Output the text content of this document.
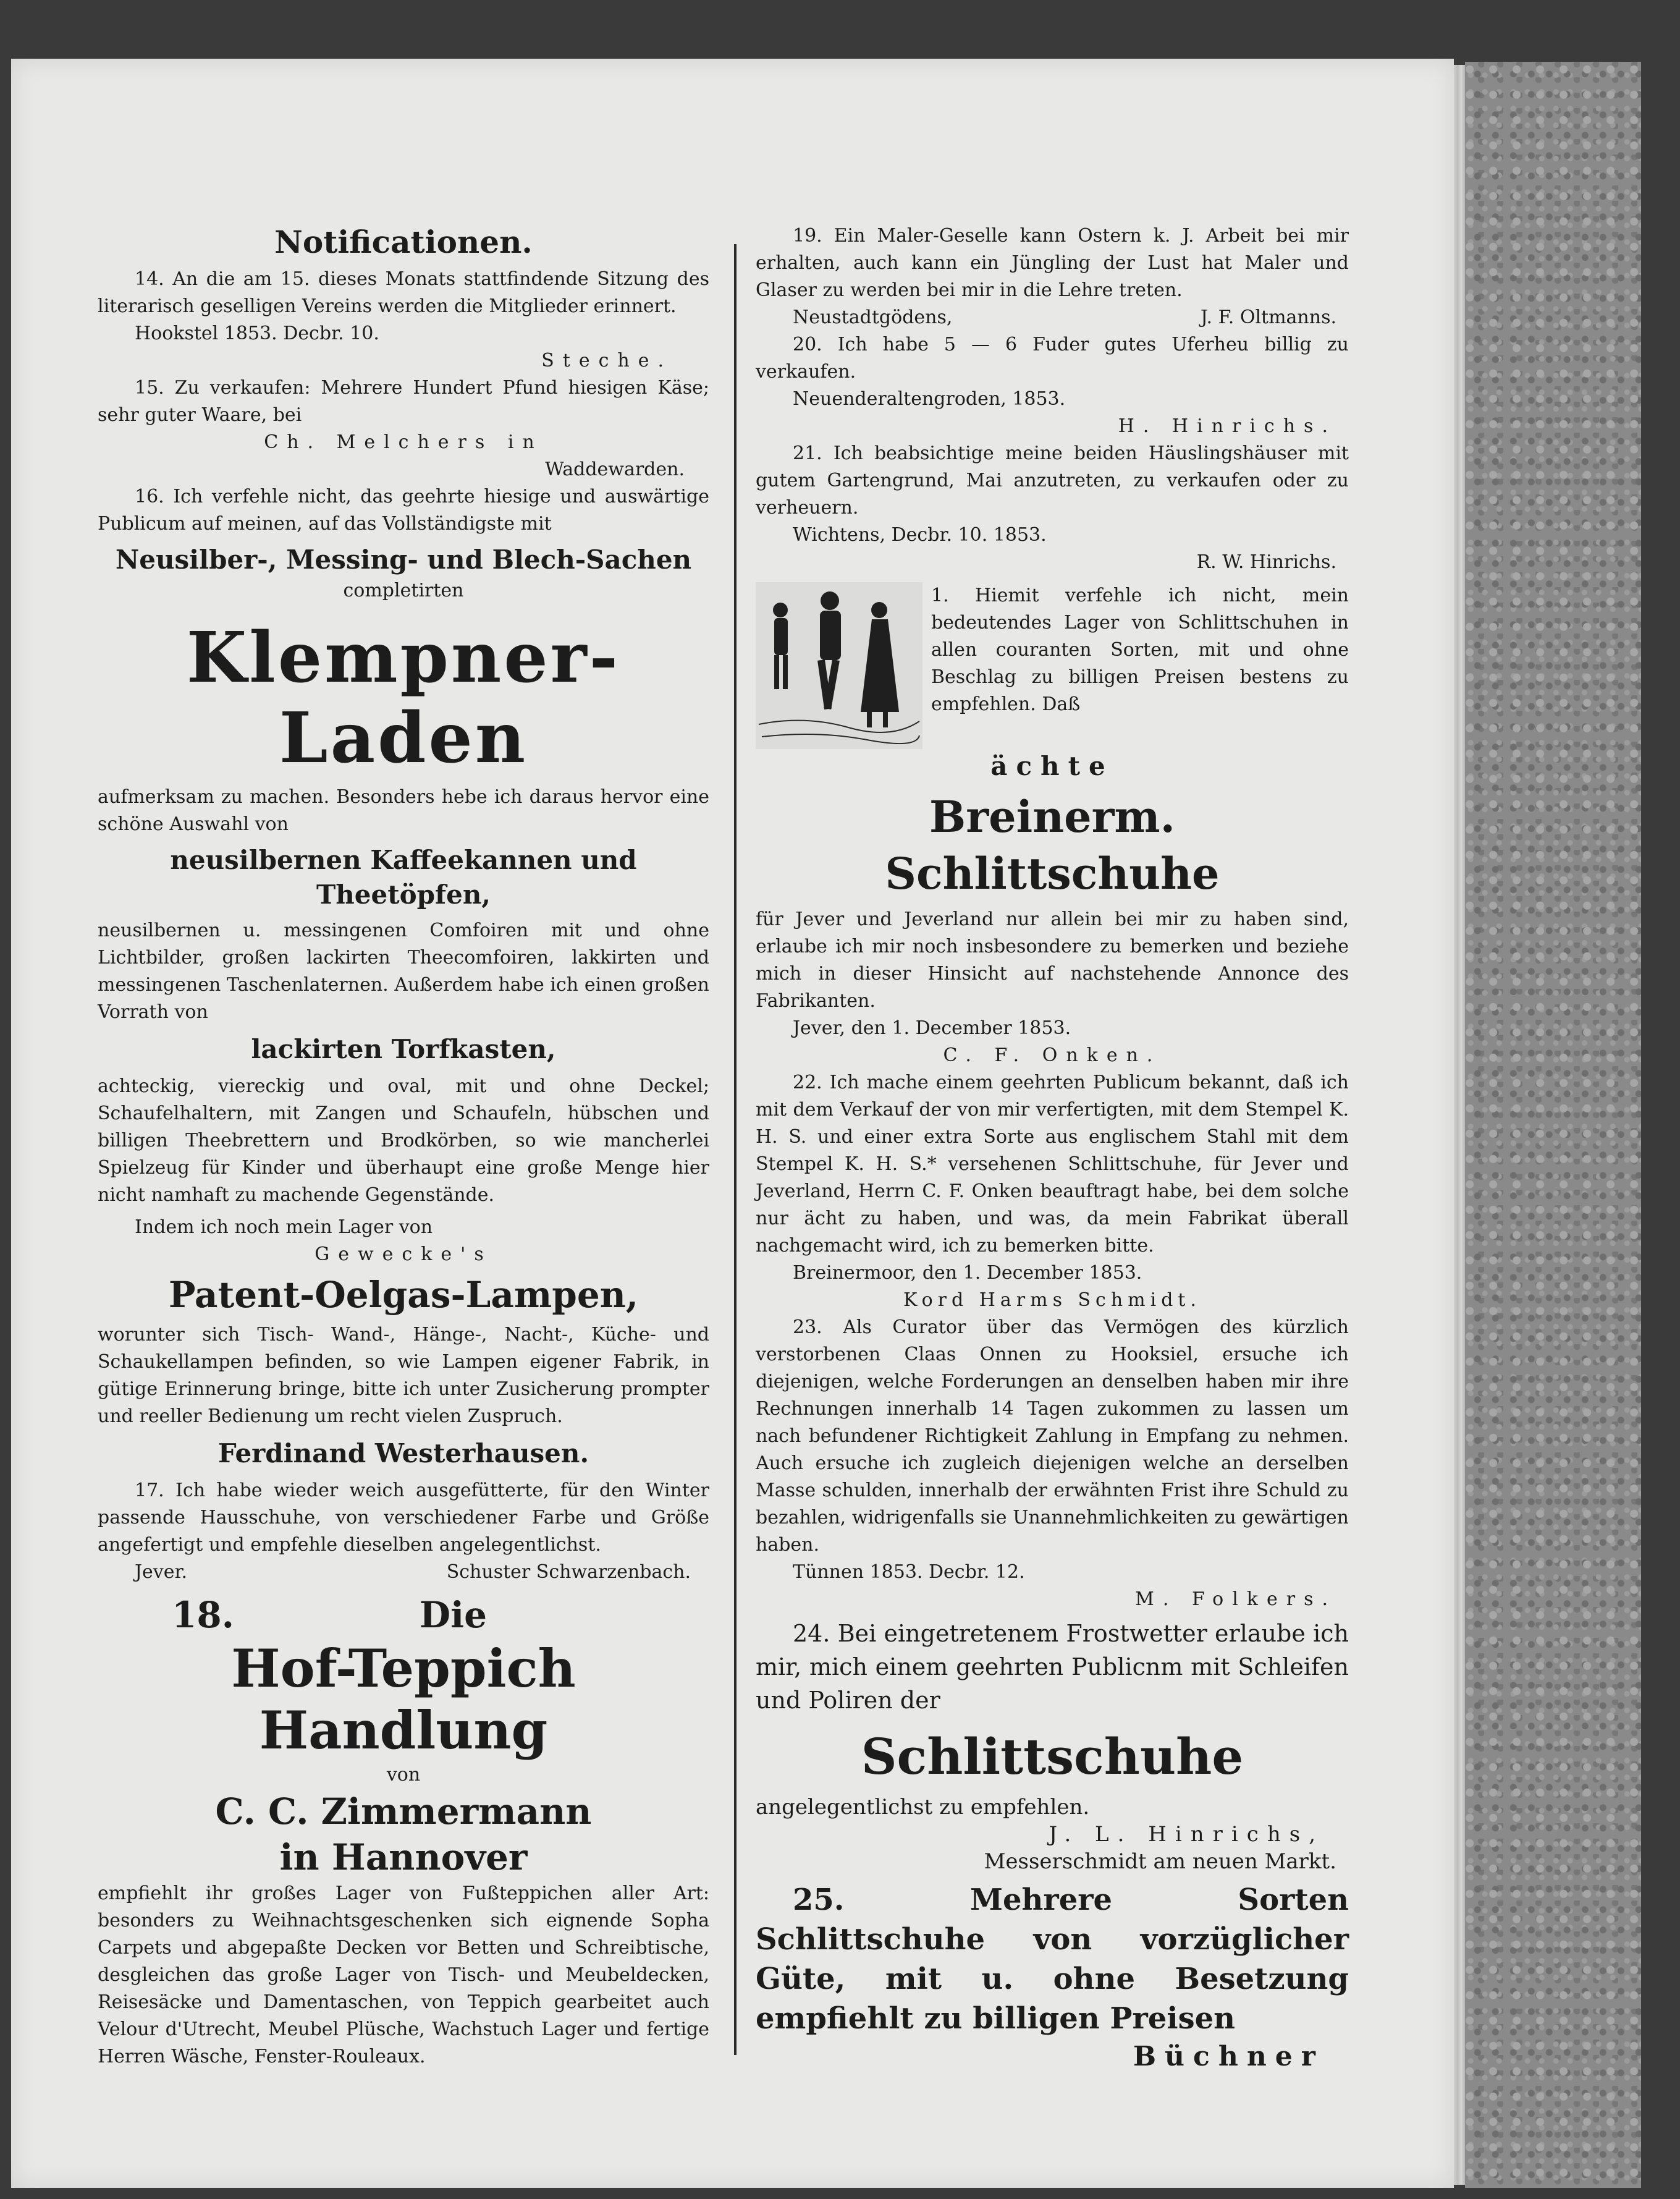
Notificationen.

14. An die am 15. dieses Monats stattfindende Sitzung des literarisch geselligen Vereins werden die Mitglieder erinnert.

Hookstel 1853. Decbr. 10.

Steche.

15. Zu verkaufen: Mehrere Hundert Pfund hiesigen Käse; sehr guter Waare, bei

Ch. Melchers in

Waddewarden.

16. Ich verfehle nicht, das geehrte hiesige und auswärtige Publicum auf meinen, auf das Vollständigste mit

Neusilber-, Messing- und Blech-Sachen

completirten

Klempner-Laden

aufmerksam zu machen. Besonders hebe ich daraus hervor eine schöne Auswahl von

neusilbernen Kaffeekannen und Theetöpfen,

neusilbernen u. messingenen Comfoiren mit und ohne Lichtbilder, großen lackirten Theecomfoiren, lakkirten und messingenen Taschenlaternen. Außerdem habe ich einen großen Vorrath von

lackirten Torfkasten,

achteckig, viereckig und oval, mit und ohne Deckel; Schaufelhaltern, mit Zangen und Schaufeln, hübschen und billigen Theebrettern und Brodkörben, so wie mancherlei Spielzeug für Kinder und überhaupt eine große Menge hier nicht namhaft zu machende Gegenstände.

Indem ich noch mein Lager von

Gewecke's

Patent-Oelgas-Lampen,

worunter sich Tisch- Wand-, Hänge-, Nacht-, Küche- und Schaukellampen befinden, so wie Lampen eigener Fabrik, in gütige Erinnerung bringe, bitte ich unter Zusicherung prompter und reeller Bedienung um recht vielen Zuspruch.

Ferdinand Westerhausen.

17. Ich habe wieder weich ausgefütterte, für den Winter passende Hausschuhe, von verschiedener Farbe und Größe angefertigt und empfehle dieselben angelegentlichst.

Jever.	Schuster Schwarzenbach.
18.	Die

Hof-Teppich Handlung

von

C. C. Zimmermann

in Hannover

empfiehlt ihr großes Lager von Fußteppichen aller Art: besonders zu Weihnachtsgeschenken sich eignende Sopha Carpets und abgepaßte Decken vor Betten und Schreibtische, desgleichen das große Lager von Tisch- und Meubeldecken, Reisesäcke und Damentaschen, von Teppich gearbeitet auch Velour d'Utrecht, Meubel Plüsche, Wachstuch Lager und fertige Herren Wäsche, Fenster-Rouleaux.

19. Ein Maler-Geselle kann Ostern k. J. Arbeit bei mir erhalten, auch kann ein Jüngling der Lust hat Maler und Glaser zu werden bei mir in die Lehre treten.

Neustadtgödens,	J. F. Oltmanns.

20. Ich habe 5 — 6 Fuder gutes Uferheu billig zu verkaufen.

Neuenderaltengroden, 1853.

H. Hinrichs.

21. Ich beabsichtige meine beiden Häuslingshäuser mit gutem Gartengrund, Mai anzutreten, zu verkaufen oder zu verheuern.

Wichtens, Decbr. 10. 1853.

R. W. Hinrichs.

1. Hiemit verfehle ich nicht, mein bedeutendes Lager von Schlittschuhen in allen couranten Sorten, mit und ohne Beschlag zu billigen Preisen bestens zu empfehlen. Daß

ächte

Breinerm. Schlittschuhe

für Jever und Jeverland nur allein bei mir zu haben sind, erlaube ich mir noch insbesondere zu bemerken und beziehe mich in dieser Hinsicht auf nachstehende Annonce des Fabrikanten.

Jever, den 1. December 1853.

C. F. Onken.

22. Ich mache einem geehrten Publicum bekannt, daß ich mit dem Verkauf der von mir verfertigten, mit dem Stempel K. H. S. und einer extra Sorte aus englischem Stahl mit dem Stempel K. H. S.* versehenen Schlittschuhe, für Jever und Jeverland, Herrn C. F. Onken beauftragt habe, bei dem solche nur ächt zu haben, und was, da mein Fabrikat überall nachgemacht wird, ich zu bemerken bitte.

Breinermoor, den 1. December 1853.

Kord Harms Schmidt.

23. Als Curator über das Vermögen des kürzlich verstorbenen Claas Onnen zu Hooksiel, ersuche ich diejenigen, welche Forderungen an denselben haben mir ihre Rechnungen innerhalb 14 Tagen zukommen zu lassen um nach befundener Richtigkeit Zahlung in Empfang zu nehmen. Auch ersuche ich zugleich diejenigen welche an derselben Masse schulden, innerhalb der erwähnten Frist ihre Schuld zu bezahlen, widrigenfalls sie Unannehmlichkeiten zu gewärtigen haben.

Tünnen 1853. Decbr. 12.

M. Folkers.

24. Bei eingetretenem Frostwetter erlaube ich mir, mich einem geehrten Publicnm mit Schleifen und Poliren der

Schlittschuhe

angelegentlichst zu empfehlen.

J. L. Hinrichs,

Messerschmidt am neuen Markt.

25. Mehrere Sorten Schlittschuhe von vorzüglicher Güte, mit u. ohne Besetzung empfiehlt zu billigen Preisen

Büchner
